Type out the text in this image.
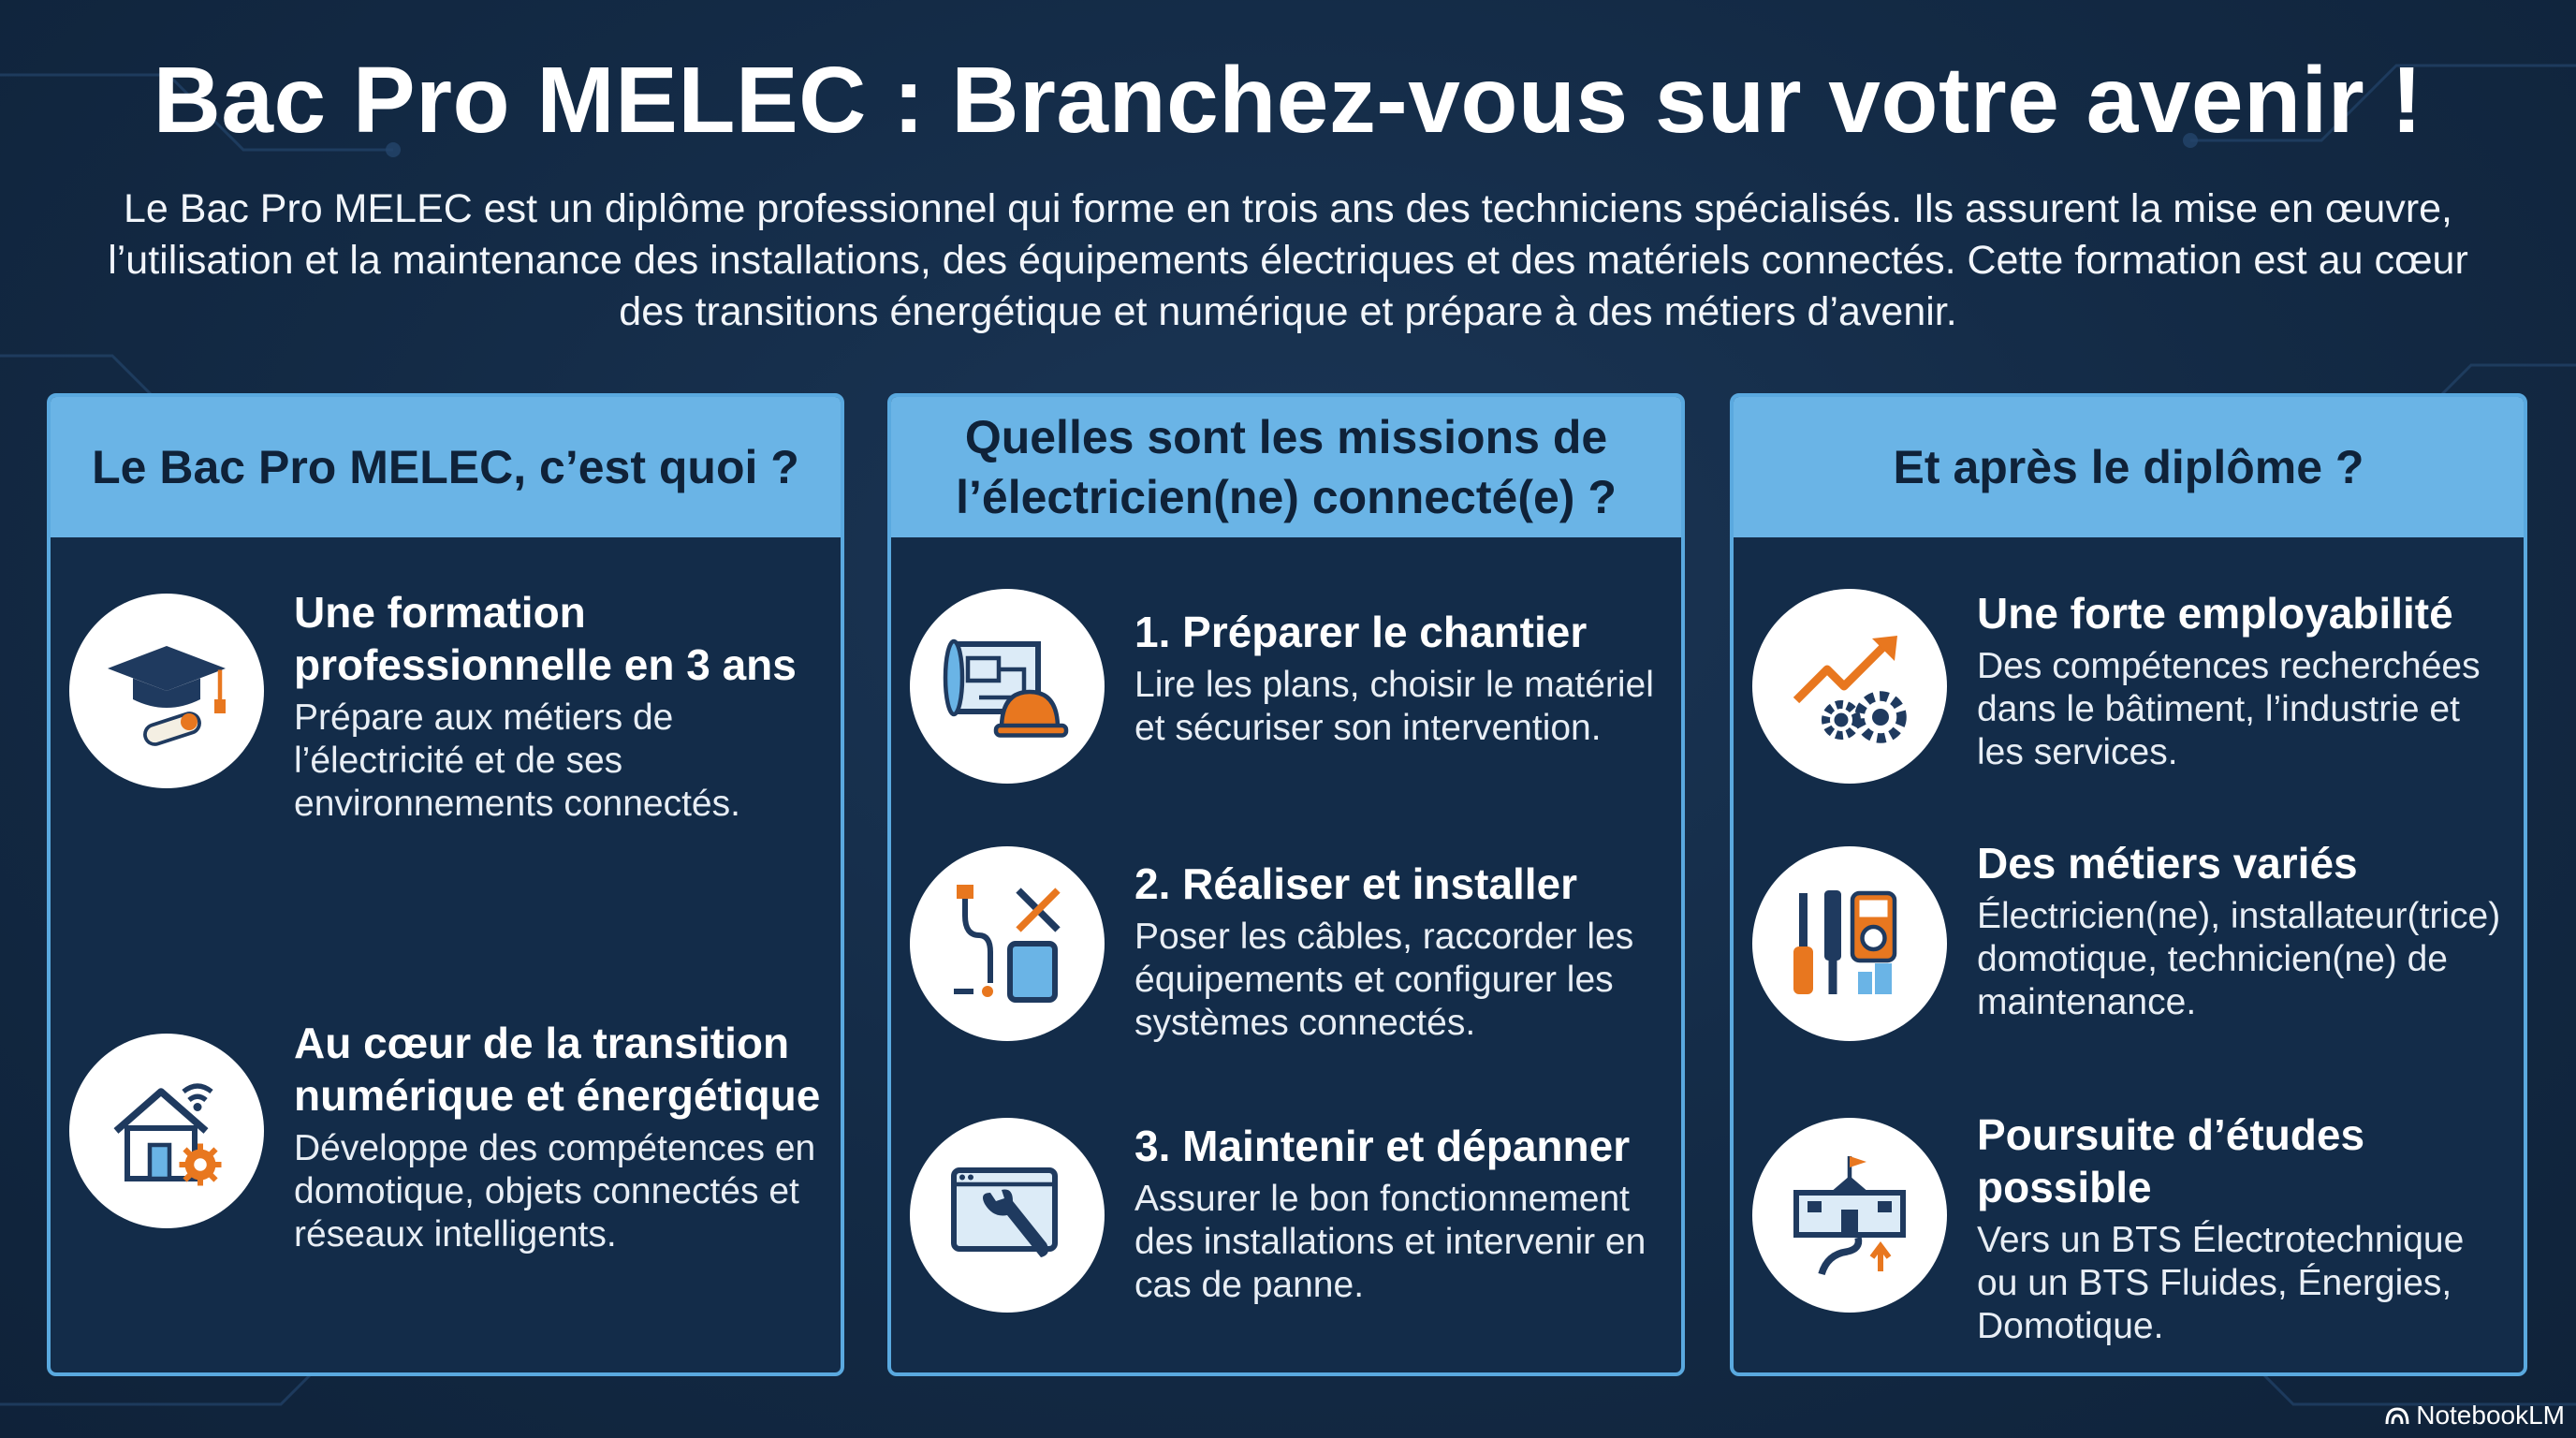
Bac Pro MELEC : Branchez-vous sur votre avenir !

Le Bac Pro MELEC est un diplôme professionnel qui forme en trois ans des techniciens spécialisés. Ils assurent la mise en œuvre, l’utilisation et la maintenance des installations, des équipements électriques et des matériels connectés. Cette formation est au cœur des transitions énergétique et numérique et prépare à des métiers d’avenir.

Le Bac Pro MELEC, c’est quoi ?

Une formation professionnelle en 3 ans

Prépare aux métiers de l’électricité et de ses environnements connectés.

Au cœur de la transition numérique et énergétique

Développe des compétences en domotique, objets connectés et réseaux intelligents.

Quelles sont les missions de l’électricien(ne) connecté(e) ?

1. Préparer le chantier

Lire les plans, choisir le matériel et sécuriser son intervention.

2. Réaliser et installer

Poser les câbles, raccorder les équipements et configurer les systèmes connectés.

3. Maintenir et dépanner

Assurer le bon fonctionnement des installations et intervenir en cas de panne.

Et après le diplôme ?

Une forte employabilité

Des compétences recherchées dans le bâtiment, l’industrie et les services.

Des métiers variés

Électricien(ne), installateur(trice) domotique, technicien(ne) de maintenance.

Poursuite d’études possible

Vers un BTS Électrotechnique ou un BTS Fluides, Énergies, Domotique.

NotebookLM
